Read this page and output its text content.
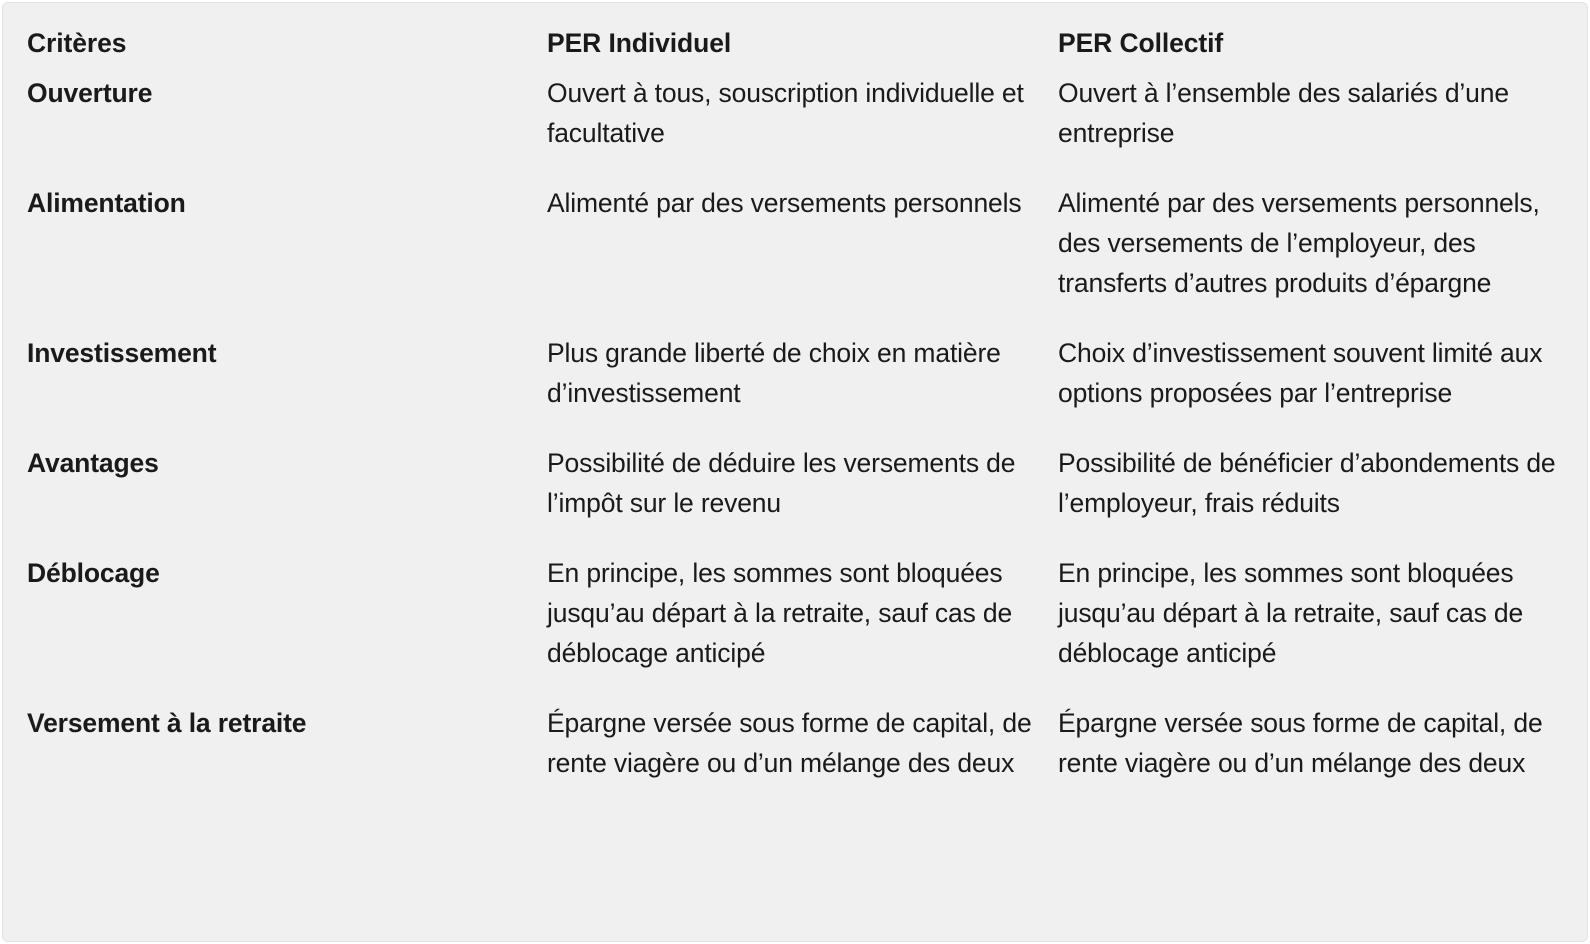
Critères	PER Individuel	PER Collectif
Ouverture	Ouvert à tous, souscription individuelle et facultative	Ouvert à l’ensemble des salariés d’une entreprise
Alimentation	Alimenté par des versements personnels	Alimenté par des versements personnels, des versements de l’employeur, des transferts d’autres produits d’épargne
Investissement	Plus grande liberté de choix en matière d’investissement	Choix d’investissement souvent limité aux options proposées par l’entreprise
Avantages	Possibilité de déduire les versements de l’impôt sur le revenu	Possibilité de bénéficier d’abondements de l’employeur, frais réduits
Déblocage	En principe, les sommes sont bloquées jusqu’au départ à la retraite, sauf cas de déblocage anticipé	En principe, les sommes sont bloquées jusqu’au départ à la retraite, sauf cas de déblocage anticipé
Versement à la retraite	Épargne versée sous forme de capital, de rente viagère ou d’un mélange des deux	Épargne versée sous forme de capital, de rente viagère ou d’un mélange des deux
